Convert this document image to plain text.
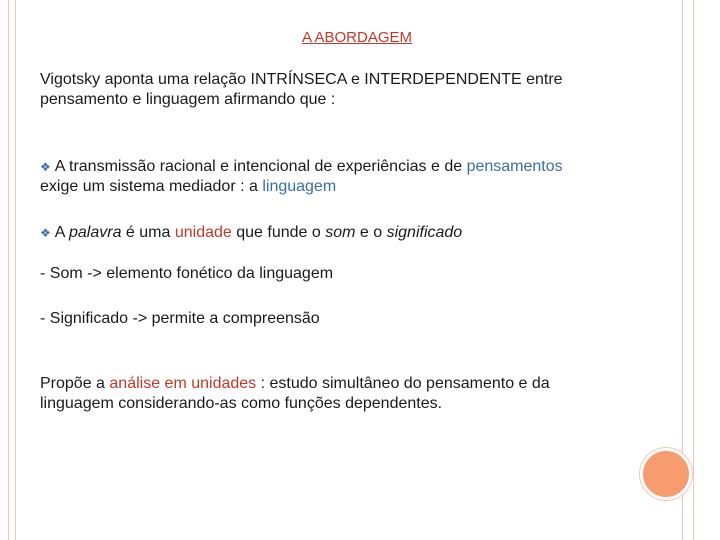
A ABORDAGEM

Vigotsky aponta uma relação INTRÍNSECA e INTERDEPENDENTE entre
pensamento e linguagem afirmando que :

❖ A transmissão racional e intencional de experiências e de pensamentos
exige um sistema mediador : a linguagem

❖ A palavra é uma unidade que funde o som e o significado

- Som -> elemento fonético da linguagem

- Significado -> permite a compreensão

Propõe a análise em unidades : estudo simultâneo do pensamento e da
linguagem considerando-as como funções dependentes.
